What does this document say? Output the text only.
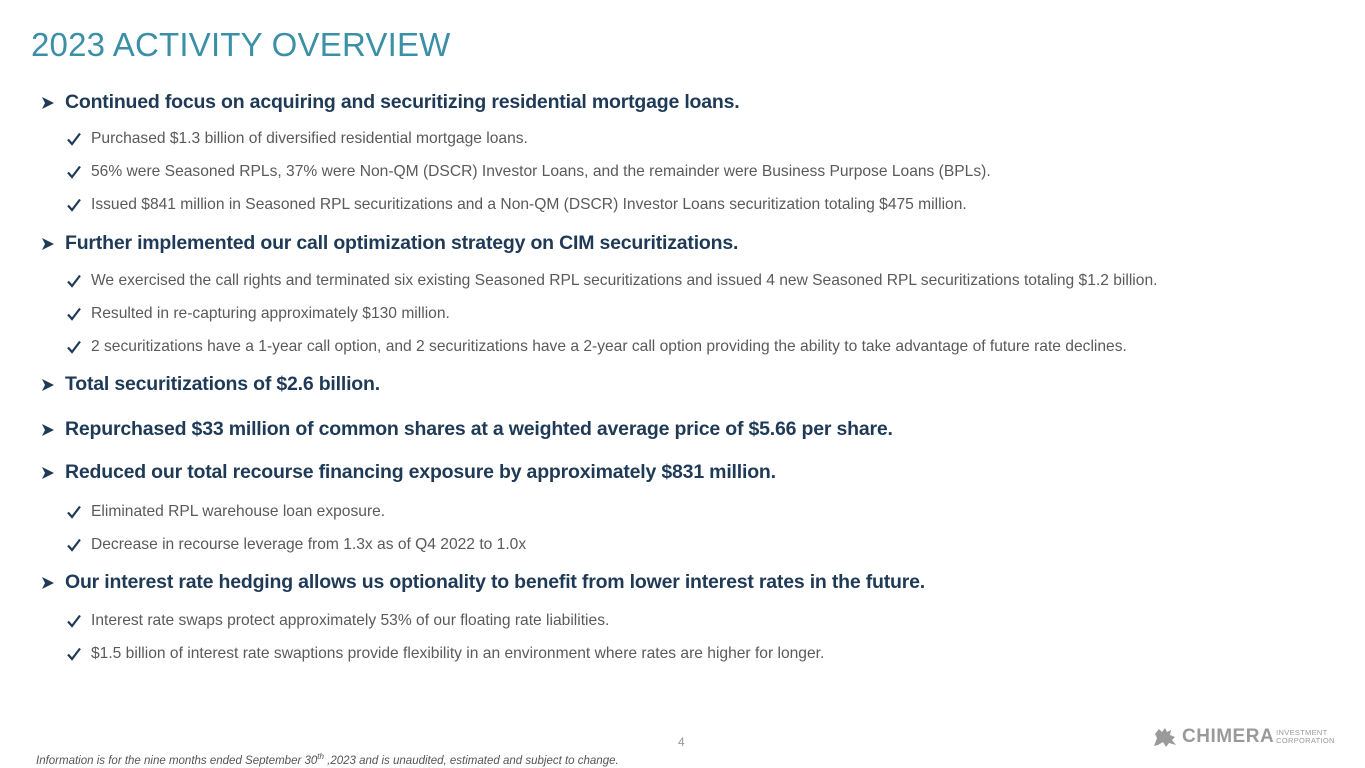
2023 ACTIVITY OVERVIEW
Continued focus on acquiring and securitizing residential mortgage loans.
Purchased $1.3 billion of diversified residential mortgage loans.
56% were Seasoned RPLs, 37% were Non-QM (DSCR) Investor Loans, and the remainder were Business Purpose Loans (BPLs).
Issued $841 million in Seasoned RPL securitizations and a Non-QM (DSCR) Investor Loans securitization totaling $475 million.
Further implemented our call optimization strategy on CIM securitizations.
We exercised the call rights and terminated six existing Seasoned RPL securitizations and issued 4 new Seasoned RPL securitizations totaling $1.2 billion.
Resulted in re-capturing approximately $130 million.
2 securitizations have a 1-year call option, and 2 securitizations have a 2-year call option providing the ability to take advantage of future rate declines.
Total securitizations of $2.6 billion.
Repurchased $33 million of common shares at a weighted average price of $5.66 per share.
Reduced our total recourse financing exposure by approximately $831 million.
Eliminated RPL warehouse loan exposure.
Decrease in recourse leverage from 1.3x as of Q4 2022 to 1.0x
Our interest rate hedging allows us optionality to benefit from lower interest rates in the future.
Interest rate swaps protect approximately 53% of our floating rate liabilities.
$1.5 billion of interest rate swaptions provide flexibility in an environment where rates are higher for longer.
4
Information is for the nine months ended September 30th ,2023 and is unaudited, estimated and subject to change.
CHIMERA INVESTMENT
CORPORATION
